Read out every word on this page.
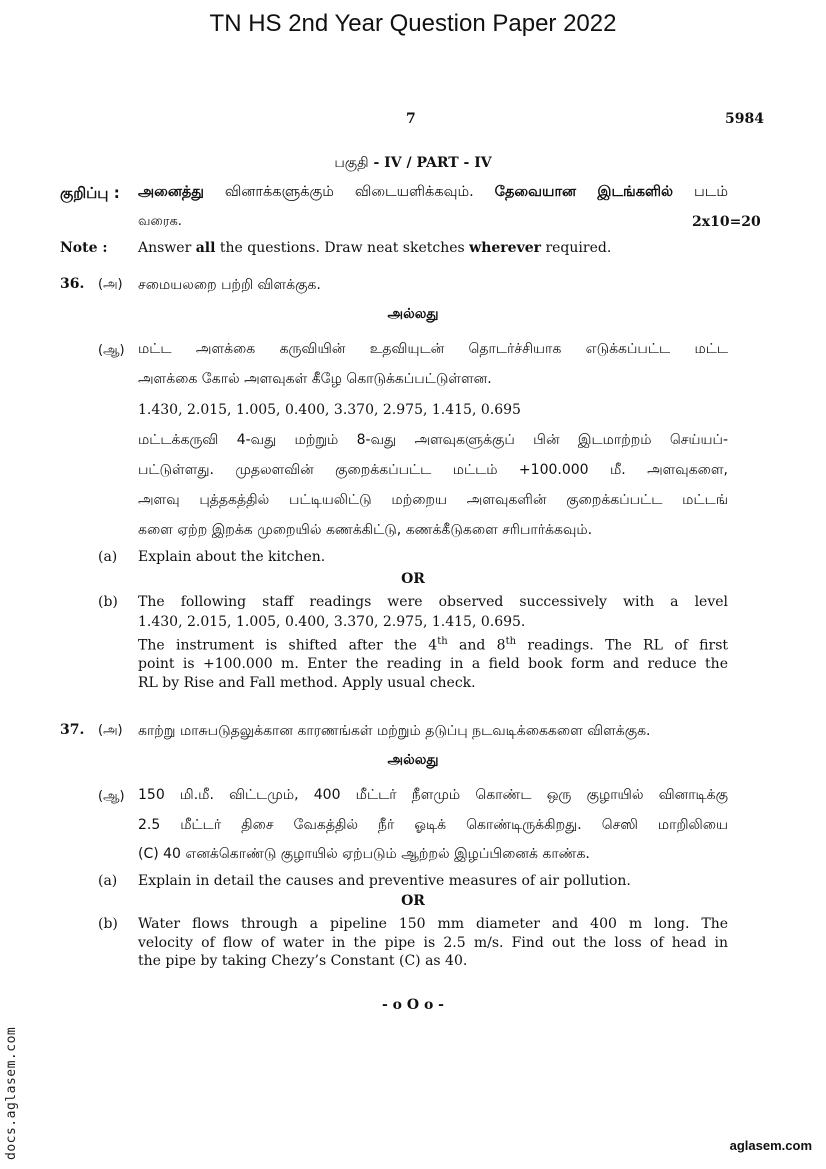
TN HS 2nd Year Question Paper 2022
7	5984
பகுதி - IV / PART - IV
குறிப்பு : அனைத்து வினாக்களுக்கும் விடையளிக்கவும். தேவையான இடங்களில் படம்
வரைக.	2x10=20
Note : Answer all the questions. Draw neat sketches wherever required.
36. (அ) சமையலறை பற்றி விளக்குக.
அல்லது
(ஆ) மட்ட அளக்கை கருவியின் உதவியுடன் தொடர்ச்சியாக எடுக்கப்பட்ட மட்ட
அளக்கை கோல் அளவுகள் கீழே கொடுக்கப்பட்டுள்ளன.
1.430, 2.015, 1.005, 0.400, 3.370, 2.975, 1.415, 0.695
மட்டக்கருவி 4-வது மற்றும் 8-வது அளவுகளுக்குப் பின் இடமாற்றம் செய்யப்-
பட்டுள்ளது. முதலளவின் குறைக்கப்பட்ட மட்டம் +100.000 மீ. அளவுகளை,
அளவு புத்தகத்தில் பட்டியலிட்டு மற்றைய அளவுகளின் குறைக்கப்பட்ட மட்டங்
களை ஏற்ற இறக்க முறையில் கணக்கிட்டு, கணக்கீடுகளை சரிபார்க்கவும்.
(a) Explain about the kitchen.
OR
(b) The following staff readings were observed successively with a level
1.430, 2.015, 1.005, 0.400, 3.370, 2.975, 1.415, 0.695.
The instrument is shifted after the 4th and 8th readings. The RL of first
point is +100.000 m. Enter the reading in a field book form and reduce the
RL by Rise and Fall method. Apply usual check.
37. (அ) காற்று மாசுபடுதலுக்கான காரணங்கள் மற்றும் தடுப்பு நடவடிக்கைகளை விளக்குக.
அல்லது
(ஆ) 150 மி.மீ. விட்டமும், 400 மீட்டர் நீளமும் கொண்ட ஒரு குழாயில் வினாடிக்கு
2.5 மீட்டர் திசை வேகத்தில் நீர் ஓடிக் கொண்டிருக்கிறது. செஸி மாறிலியை
(C) 40 எனக்கொண்டு குழாயில் ஏற்படும் ஆற்றல் இழப்பினைக் காண்க.
(a) Explain in detail the causes and preventive measures of air pollution.
OR
(b) Water flows through a pipeline 150 mm diameter and 400 m long. The
velocity of flow of water in the pipe is 2.5 m/s. Find out the loss of head in
the pipe by taking Chezy’s Constant (C) as 40.
- o O o -
docs.aglasem.com	aglasem.com
